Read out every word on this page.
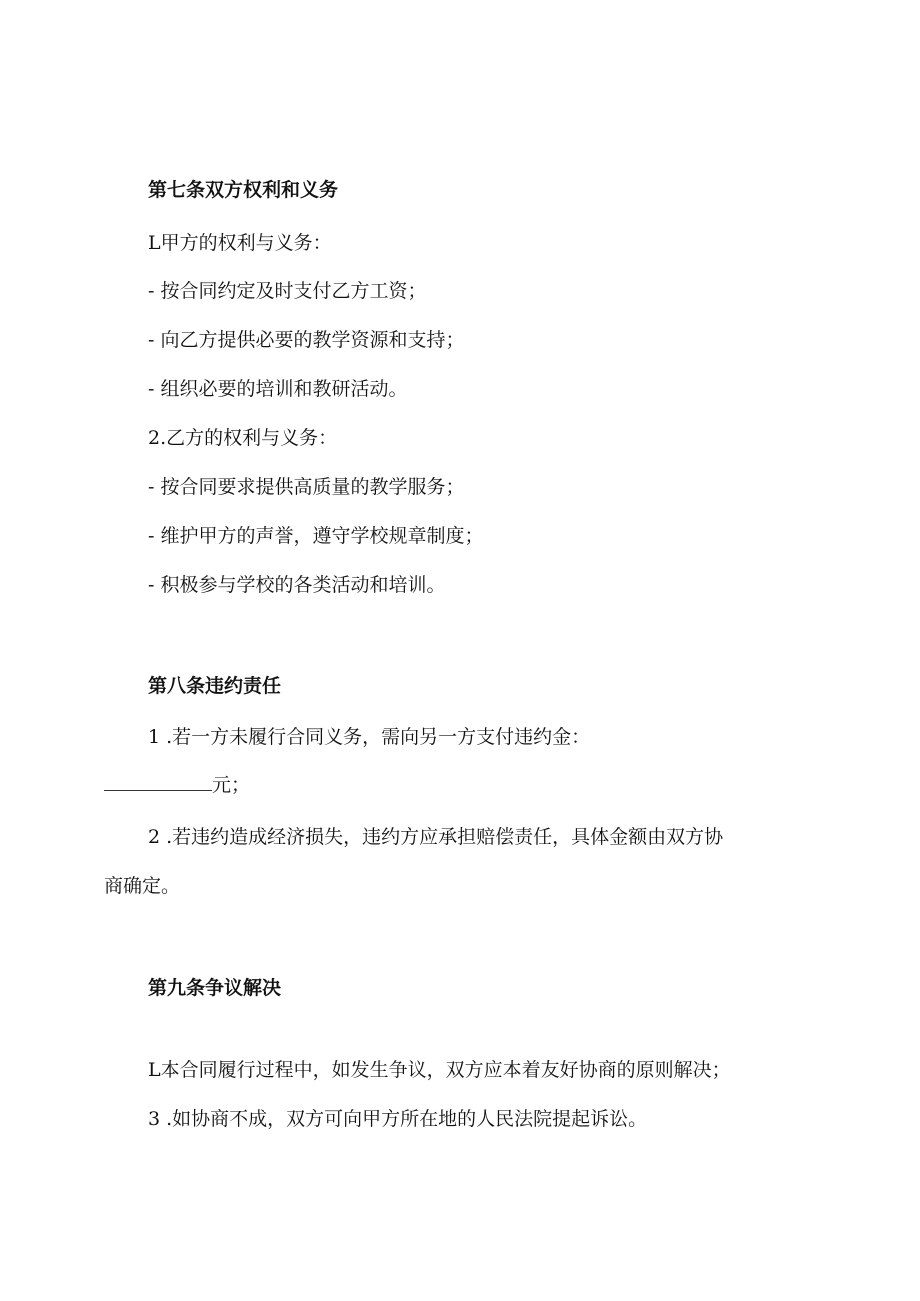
第七条双方权利和义务
L甲方的权利与义务：
- 按合同约定及时支付乙方工资；
- 向乙方提供必要的教学资源和支持；
- 组织必要的培训和教研活动。
2.乙方的权利与义务：
- 按合同要求提供高质量的教学服务；
- 维护甲方的声誉，遵守学校规章制度；
- 积极参与学校的各类活动和培训。
第八条违约责任
1 .若一方未履行合同义务，需向另一方支付违约金：
元；
2 .若违约造成经济损失，违约方应承担赔偿责任，具体金额由双方协
商确定。
第九条争议解决
L本合同履行过程中，如发生争议，双方应本着友好协商的原则解决；
3 .如协商不成，双方可向甲方所在地的人民法院提起诉讼。
